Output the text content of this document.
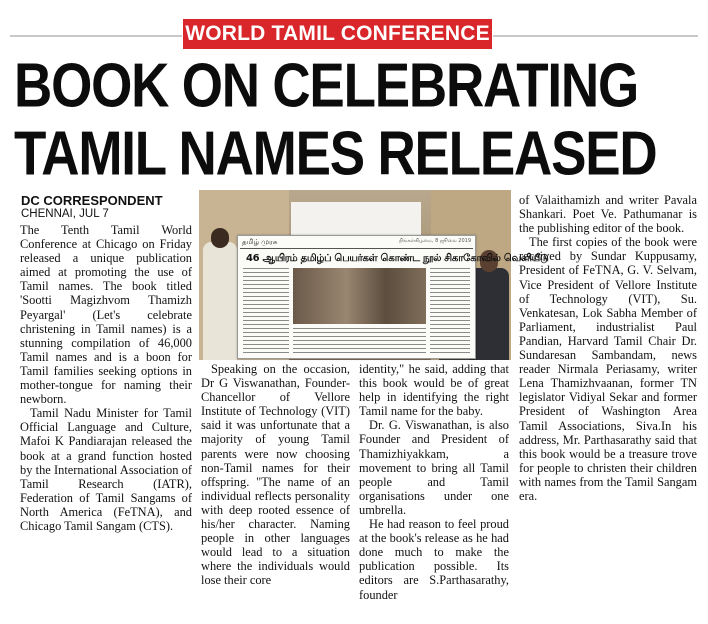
WORLD TAMIL CONFERENCE
BOOK ON CELEBRATING
TAMIL NAMES RELEASED
DC CORRESPONDENT
CHENNAI, JUL 7
தமிழ் முரசு	திங்கள்கிழமை, 8 ஜூலை 2019
46 ஆயிரம் தமிழ்ப் பெயர்கள் கொண்ட நூல் சிகாகோவில் வெளியீடு

The Tenth Tamil World Conference at Chicago on Friday released a unique publication aimed at promoting the use of Tamil names. The book titled 'Sootti Magizhvom Thamizh Peyargal' (Let's celebrate christening in Tamil names) is a stunning compilation of 46,000 Tamil names and is a boon for Tamil families seeking options in mother-tongue for naming their newborn.

Tamil Nadu Minister for Tamil Official Language and Culture, Mafoi K Pandiarajan released the book at a grand function hosted by the International Association of Tamil Research (IATR), Federation of Tamil Sangams of North America (FeTNA), and Chicago Tamil Sangam (CTS).

Speaking on the occasion, Dr G Viswanathan, Founder-Chancellor of Vellore Institute of Technology (VIT) said it was unfortunate that a majority of young Tamil parents were now choosing non-Tamil names for their offspring. "The name of an individual reflects personality with deep rooted essence of his/her character. Naming people in other languages would lead to a situation where the individuals would lose their core

identity," he said, adding that this book would be of great help in identifying the right Tamil name for the baby.

Dr. G. Viswanathan, is also Founder and President of Thamizhiyakkam, a movement to bring all Tamil people and Tamil organisations under one umbrella.

He had reason to feel proud at the book's release as he had done much to make the publication possible. Its editors are S.Parthasarathy, founder

of Valaithamizh and writer Pavala Shankari. Poet Ve. Pathumanar is the publishing editor of the book.

The first copies of the book were received by Sundar Kuppusamy, President of FeTNA, G. V. Selvam, Vice President of Vellore Institute of Technology (VIT), Su. Venkatesan, Lok Sabha Member of Parliament, industrialist Paul Pandian, Harvard Tamil Chair Dr. Sundaresan Sambandam, news reader Nirmala Periasamy, writer Lena Thamizhvaanan, former TN legislator Vidiyal Sekar and former President of Washington Area Tamil Associations, Siva.In his address, Mr. Parthasarathy said that this book would be a treasure trove for people to christen their children with names from the Tamil Sangam era.
